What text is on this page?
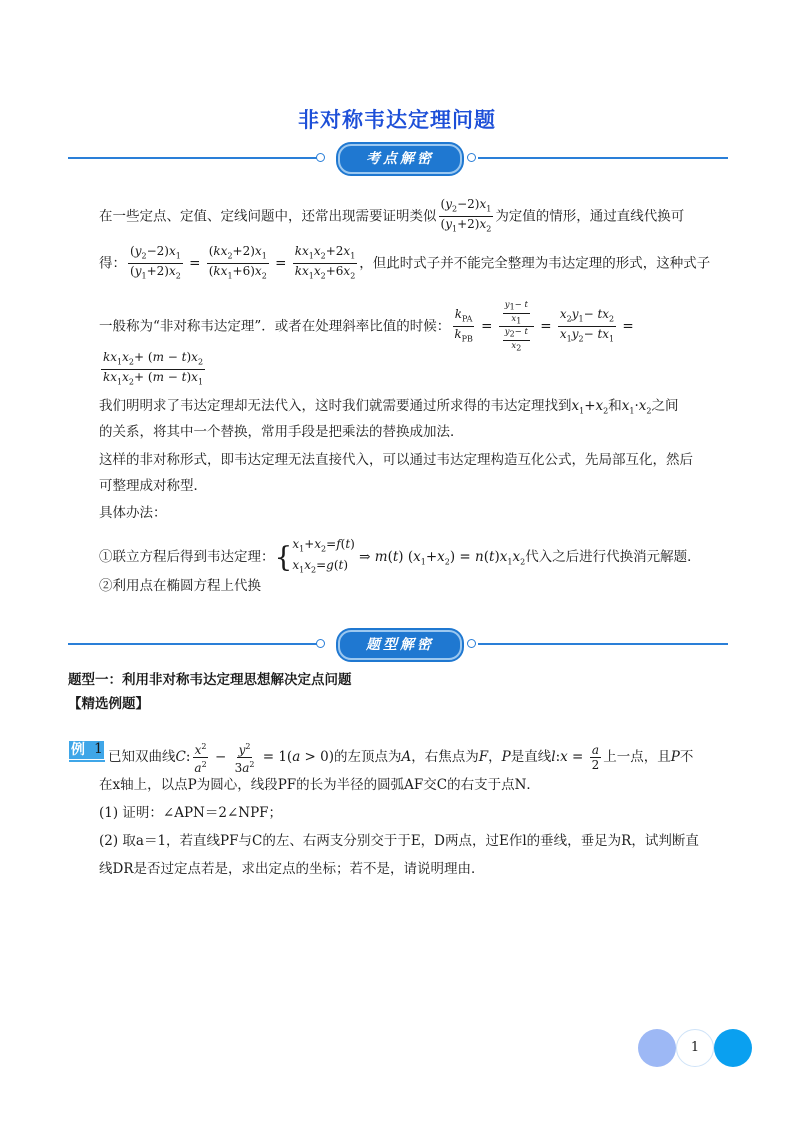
非对称韦达定理问题
考点解密
在一些定点、定值、定线问题中，还常出现需要证明类似 $\frac{(y_2-2)x_1}{(y_1+2)x_2}$ 为定值的情形，通过直线代换可
得： $\frac{(y_2-2)x_1}{(y_1+2)x_2} = \frac{(kx_2+2)x_1}{(kx_1+6)x_2} = \frac{kx_1x_2+2x_1}{kx_1x_2+6x_2}$ ，但此时式子并不能完全整理为韦达定理的形式，这种式子
一般称为“非对称韦达定理”．或者在处理斜率比值的时候： $\frac{k_{PA}}{k_{PB}} = \frac{\frac{y_1- t}{x_1}}{\frac{y_2- t}{x_2}} = \frac{x_2y_1- tx_2}{x_1y_2- tx_1}$ =
$\frac{kx_1x_2+ (m - t)x_2}{kx_1x_2+ (m - t)x_1}$
我们明明求了韦达定理却无法代入，这时我们就需要通过所求得的韦达定理找到$x_1+x_2$和$x_1\cdot x_2$之间
的关系，将其中一个替换，常用手段是把乘法的替换成加法．
这样的非对称形式，即韦达定理无法直接代入，可以通过韦达定理构造互化公式，先局部互化，然后
可整理成对称型．
具体办法：
①联立方程后得到韦达定理：{ $x_1+x_2=f(t)$
$x_1x_2=g(t)$
⇒ m(t) $(x_1+x_2) = n(t)x_1x_2$代入之后进行代换消元解题．
②利用点在椭圆方程上代换
题型解密
题型一：利用非对称韦达定理思想解决定点问题
【精选例题】
例 1 已知双曲线C: $\frac{x^2}{a^2} - \frac{y^2}{3a^2} = 1(a > 0)$的左顶点为A，右焦点为F，P是直线l:x = $\frac{a}{2}$ 上一点，且P不
在x轴上，以点P为圆心，线段PF的长为半径的圆弧AF交C的右支于点N．
(1) 证明：∠APN＝2∠NPF；
(2) 取a＝1，若直线PF与C的左、右两支分别交于于E，D两点，过E作l的垂线，垂足为R，试判断直
线DR是否过定点若是，求出定点的坐标；若不是，请说明理由．
1
